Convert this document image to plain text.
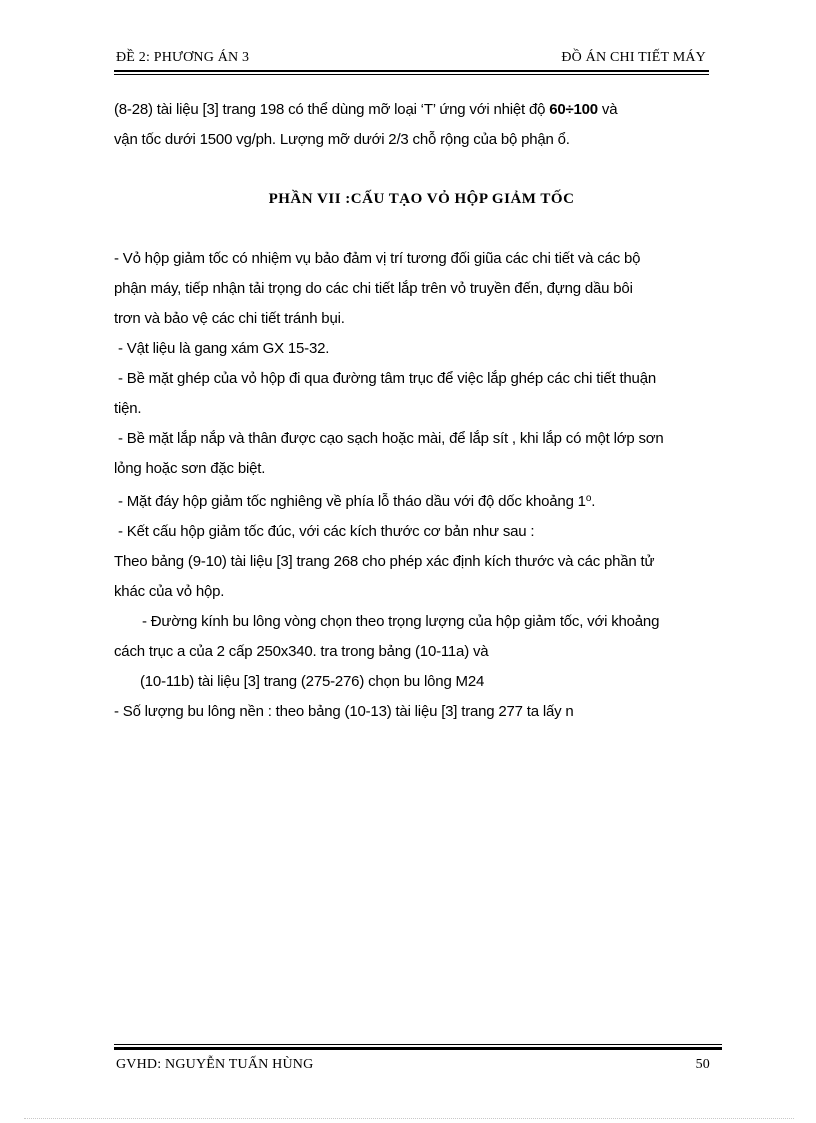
ĐỀ 2: PHƯƠNG ÁN 3	ĐỒ ÁN CHI TIẾT MÁY

(8-28) tài liệu [3] trang 198 có thể dùng mỡ loại ‘T’ ứng với nhiệt độ 60÷100 và

vận tốc dưới 1500 vg/ph. Lượng mỡ dưới 2/3 chỗ rộng của bộ phận ổ.

PHẦN VII :CẤU TẠO VỎ HỘP GIẢM TỐC

- Vỏ hộp giảm tốc có nhiệm vụ bảo đảm vị trí tương đối giũa các chi tiết và các bộ

phận máy, tiếp nhận tải trọng do các chi tiết lắp trên vỏ truyền đến, đựng dầu bôi

trơn và bảo vệ các chi tiết tránh bụi.

- Vật liệu là gang xám GX 15-32.

- Bề mặt ghép của vỏ hộp đi qua đường tâm trục để việc lắp ghép các chi tiết thuận

tiện.

- Bề mặt lắp nắp và thân được cạo sạch hoặc mài, để lắp sít , khi lắp có một lớp sơn

lỏng hoặc sơn đặc biệt.

- Mặt đáy hộp giảm tốc nghiêng về phía lỗ tháo dầu với độ dốc khoảng 1$^o$.

- Kết cấu hộp giảm tốc đúc, với các kích thước cơ bản như sau :

Theo bảng (9-10) tài liệu [3] trang 268 cho phép xác định kích thước và các phần tử

khác của vỏ hộp.

- Đường kính bu lông vòng chọn theo trọng lượng của hộp giảm tốc, với khoảng

cách trục a của 2 cấp 250x340. tra trong bảng (10-11a) và

(10-11b) tài liệu [3] trang (275-276) chọn bu lông M24

- Số lượng bu lông nền : theo bảng (10-13) tài liệu [3] trang 277 ta lấy n

GVHD: NGUYỄN TUẤN HÙNG	50
